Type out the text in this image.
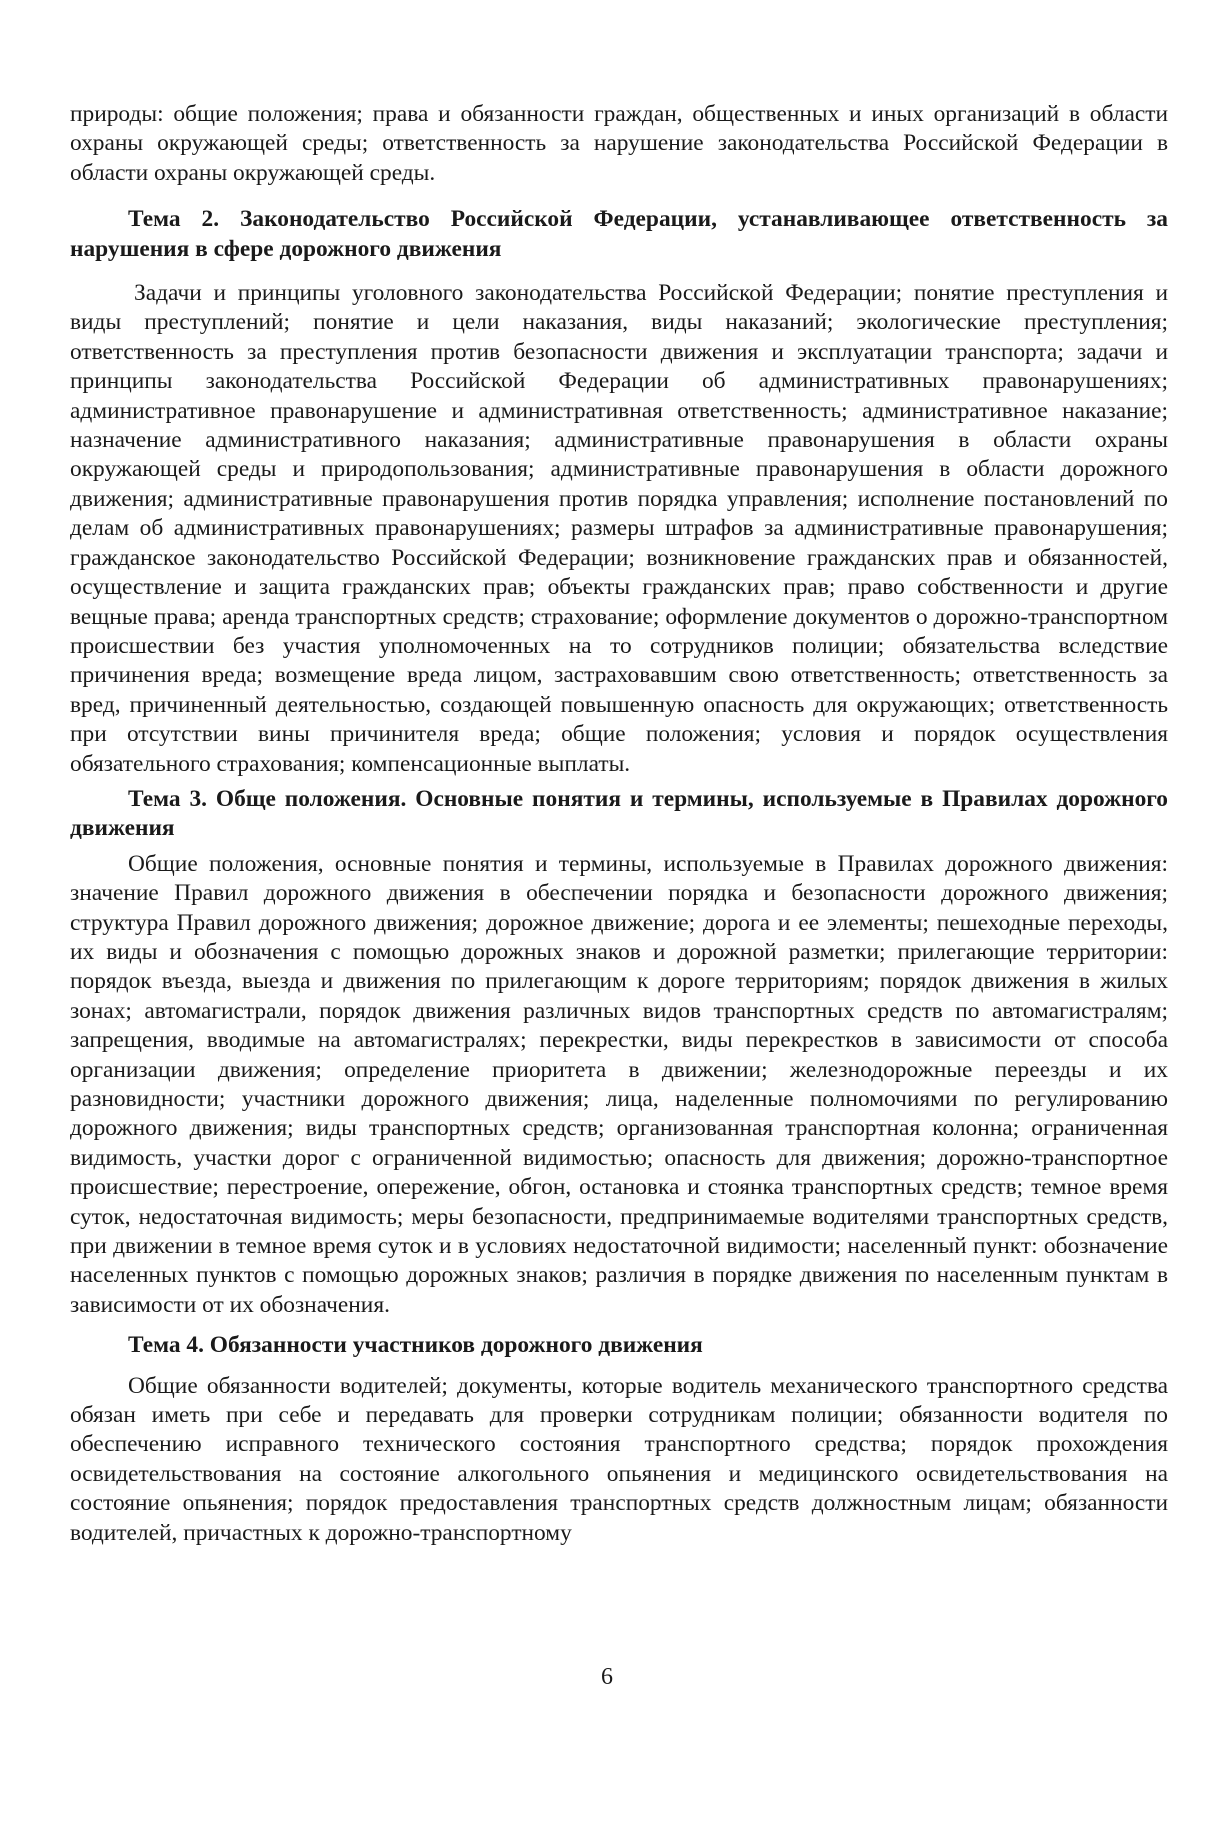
природы: общие положения; права и обязанности граждан, общественных и иных организаций в области охраны окружающей среды; ответственность за нарушение законодательства Российской Федерации в области охраны окружающей среды.

Тема 2. Законодательство Российской Федерации, устанавливающее ответственность за нарушения в сфере дорожного движения

Задачи и принципы уголовного законодательства Российской Федерации; понятие преступления и виды преступлений; понятие и цели наказания, виды наказаний; экологические преступления; ответственность за преступления против безопасности движения и эксплуатации транспорта; задачи и принципы законодательства Российской Федерации об административных правонарушениях; административное правонарушение и административная ответственность; административное наказание; назначение административного наказания; административные правонарушения в области охраны окружающей среды и природопользования; административные правонарушения в области дорожного движения; административные правонарушения против порядка управления; исполнение постановлений по делам об административных правонарушениях; размеры штрафов за административные правонарушения; гражданское законодательство Российской Федерации; возникновение гражданских прав и обязанностей, осуществление и защита гражданских прав; объекты гражданских прав; право собственности и другие вещные права; аренда транспортных средств; страхование; оформление документов о дорожно-транспортном происшествии без участия уполномоченных на то сотрудников полиции; обязательства вследствие причинения вреда; возмещение вреда лицом, застраховавшим свою ответственность; ответственность за вред, причиненный деятельностью, создающей повышенную опасность для окружающих; ответственность при отсутствии вины причинителя вреда; общие положения; условия и порядок осуществления обязательного страхования; компенсационные выплаты.

Тема 3. Обще положения. Основные понятия и термины, используемые в Правилах дорожного движения

Общие положения, основные понятия и термины, используемые в Правилах дорожного движения: значение Правил дорожного движения в обеспечении порядка и безопасности дорожного движения; структура Правил дорожного движения; дорожное движение; дорога и ее элементы; пешеходные переходы, их виды и обозначения с помощью дорожных знаков и дорожной разметки; прилегающие территории: порядок въезда, выезда и движения по прилегающим к дороге территориям; порядок движения в жилых зонах; автомагистрали, порядок движения различных видов транспортных средств по автомагистралям; запрещения, вводимые на автомагистралях; перекрестки, виды перекрестков в зависимости от способа организации движения; определение приоритета в движении; железнодорожные переезды и их разновидности; участники дорожного движения; лица, наделенные полномочиями по регулированию дорожного движения; виды транспортных средств; организованная транспортная колонна; ограниченная видимость, участки дорог с ограниченной видимостью; опасность для движения; дорожно-транспортное происшествие; перестроение, опережение, обгон, остановка и стоянка транспортных средств; темное время суток, недостаточная видимость; меры безопасности, предпринимаемые водителями транспортных средств, при движении в темное время суток и в условиях недостаточной видимости; населенный пункт: обозначение населенных пунктов с помощью дорожных знаков; различия в порядке движения по населенным пунктам в зависимости от их обозначения.

Тема 4. Обязанности участников дорожного движения

Общие обязанности водителей; документы, которые водитель механического транспортного средства обязан иметь при себе и передавать для проверки сотрудникам полиции; обязанности водителя по обеспечению исправного технического состояния транспортного средства; порядок прохождения освидетельствования на состояние алкогольного опьянения и медицинского освидетельствования на состояние опьянения; порядок предоставления транспортных средств должностным лицам; обязанности водителей, причастных к дорожно-транспортному

6
